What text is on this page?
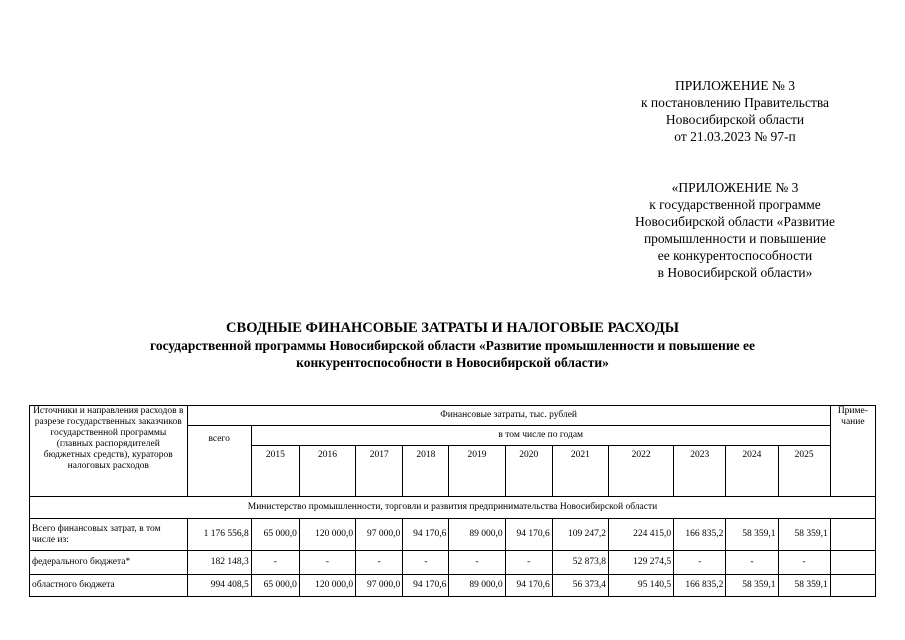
ПРИЛОЖЕНИЕ № 3
к постановлению Правительства
Новосибирской области
от 21.03.2023 № 97-п
«ПРИЛОЖЕНИЕ № 3
к государственной программе
Новосибирской области «Развитие
промышленности и повышение
ее конкурентоспособности
в Новосибирской области»
СВОДНЫЕ ФИНАНСОВЫЕ ЗАТРАТЫ И НАЛОГОВЫЕ РАСХОДЫ
государственной программы Новосибирской области «Развитие промышленности и повышение ее
конкурентоспособности в Новосибирской области»
Источники и направления расходов в разрезе государственных заказчиков государственной программы (главных распорядителей бюджетных средств), кураторов налоговых расходов	Финансовые затраты, тыс. рублей												Приме-чание
	всего	в том числе по годам											
		2015	2016	2017	2018	2019	2020	2021	2022	2023	2024	2025	
Министерство промышленности, торговли и развития предпринимательства Новосибирской области													
Всего финансовых затрат, в том числе из:	1 176 556,8	65 000,0	120 000,0	97 000,0	94 170,6	89 000,0	94 170,6	109 247,2	224 415,0	166 835,2	58 359,1	58 359,1	
федерального бюджета*	182 148,3	-	-	-	-	-	-	52 873,8	129 274,5	-	-	-	
областного бюджета	994 408,5	65 000,0	120 000,0	97 000,0	94 170,6	89 000,0	94 170,6	56 373,4	95 140,5	166 835,2	58 359,1	58 359,1	
